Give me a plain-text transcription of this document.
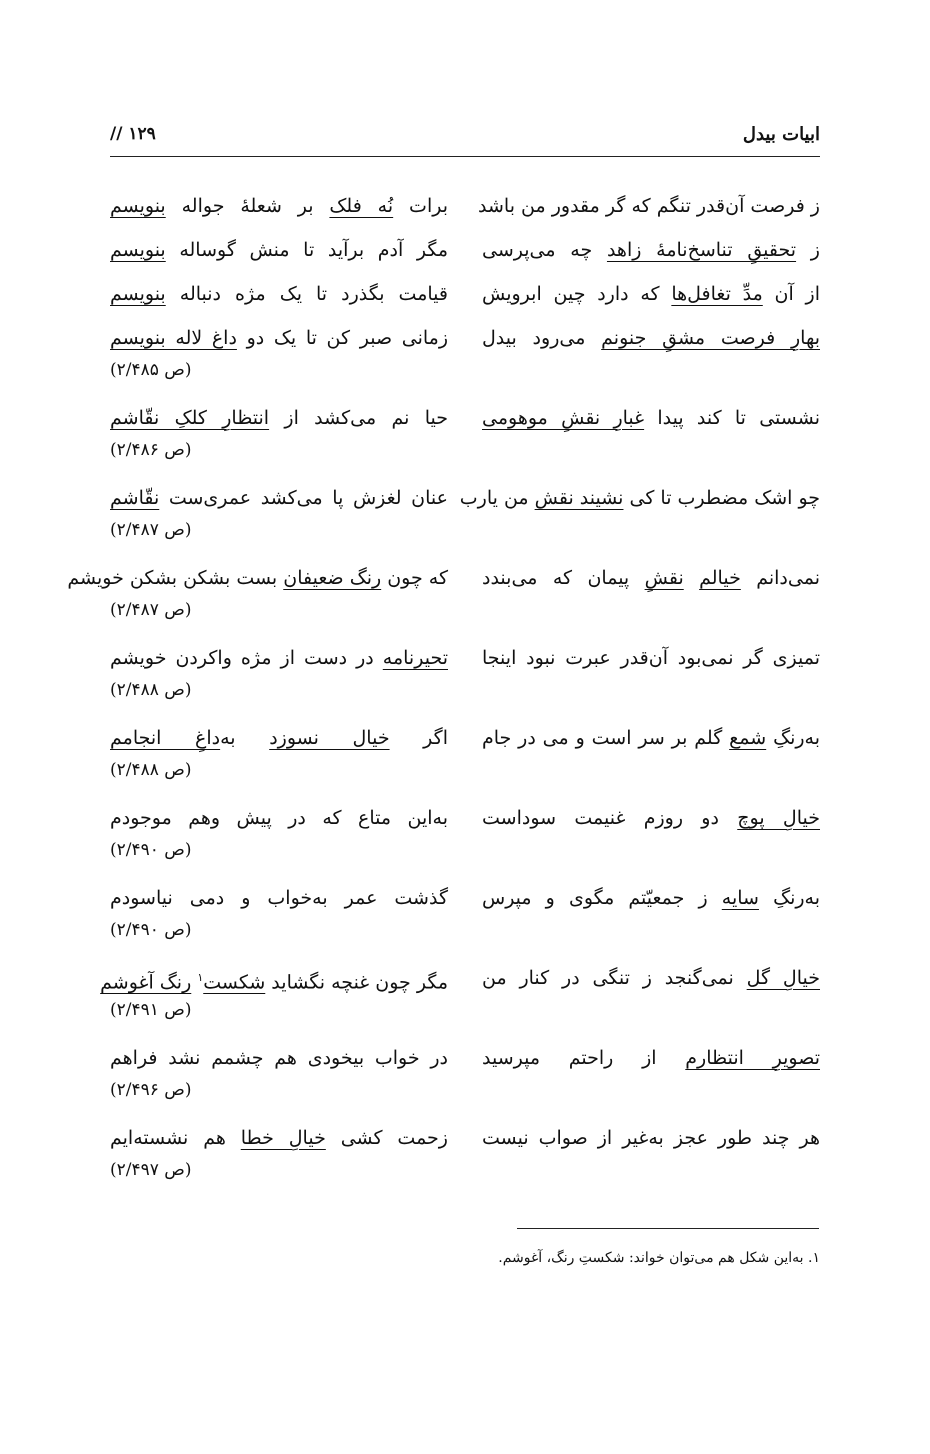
ابیات بیدل
۱۲۹ //
ز فرصت آن‌قدر تنگم که گر مقدور من باشد
برات نُه فلک بر شعلهٔ جواله بنویسم
ز تحقیقِ تناسخ‌نامهٔ زاهد چه می‌پرسی
مگر آدم برآید تا منش گوساله بنویسم
از آن مدِّ تغافل‌ها که دارد چین ابرویش
قیامت بگذرد تا یک مژه دنباله بنویسم
بهارِ فرصت مشقِ جنونم می‌رود بیدل
زمانی صبر کن تا یک دو داغ لاله بنویسم
(ص ۲/۴۸۵)
نشستی تا کند پیدا غبارِ نقشِ موهومی
حیا نم می‌کشد از انتظارِ کلکِ نقّاشم
(ص ۲/۴۸۶)
چو اشک مضطرب تا کی نشیند نقش من یارب
عنان لغزش پا می‌کشد عمری‌ست نقّاشم
(ص ۲/۴۸۷)
نمی‌دانم خیالم نقشِ پیمان که می‌بندد
که چون رنگ ضعیفان بست بشکن بشکن خویشم
(ص ۲/۴۸۷)
تمیزی گر نمی‌بود آن‌قدر عبرت نبود اینجا
تحیرنامه در دست از مژه واکردن خویشم
(ص ۲/۴۸۸)
به‌رنگِ شمع گلم بر سر است و می در جام
اگر خیال نسوزد به‌داغِ انجامم
(ص ۲/۴۸۸)
خیالِ پوچ دو روزم غنیمت سوداست
به‌این متاع که در پیش وهم موجودم
(ص ۲/۴۹۰)
به‌رنگِ سایه ز جمعیّتم مگوی و مپرس
گذشت عمر به‌خواب و دمی نیاسودم
(ص ۲/۴۹۰)
خیالِ گل نمی‌گنجد ز تنگی در کنار من
مگر چون غنچه نگشاید شکست$^۱$ رنگ آغوشم
(ص ۲/۴۹۱)
تصویرِ انتظارم از راحتم مپرسید
در خواب بیخودی هم چشمم نشد فراهم
(ص ۲/۴۹۶)
هر چند طور عجز به‌غیر از صواب نیست
زحمت کشی خیالِ خطا هم نشسته‌ایم
(ص ۲/۴۹۷)
۱. به‌این شکل هم می‌توان خواند: شکستِ رنگ، آغوشم.
